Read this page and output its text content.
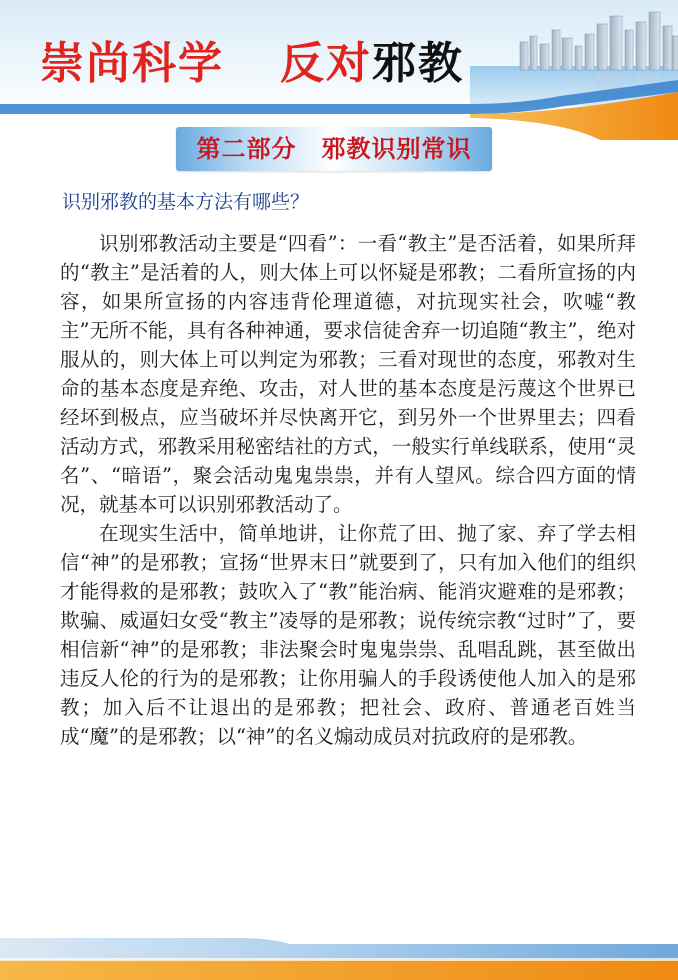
崇尚科学 反对邪教
第二部分　邪教识别常识
识别邪教的基本方法有哪些？

识别邪教活动主要是“四看”：一看“教主”是否活着，如果所拜的“教主”是活着的人，则大体上可以怀疑是邪教；二看所宣扬的内容，如果所宣扬的内容违背伦理道德，对抗现实社会，吹嘘“教主”无所不能，具有各种神通，要求信徒舍弃一切追随“教主”，绝对服从的，则大体上可以判定为邪教；三看对现世的态度，邪教对生命的基本态度是弃绝、攻击，对人世的基本态度是污蔑这个世界已经坏到极点，应当破坏并尽快离开它，到另外一个世界里去；四看活动方式，邪教采用秘密结社的方式，一般实行单线联系，使用“灵名”、“暗语”，聚会活动鬼鬼祟祟，并有人望风。综合四方面的情况，就基本可以识别邪教活动了。

在现实生活中，简单地讲，让你荒了田、抛了家、弃了学去相信“神”的是邪教；宣扬“世界末日”就要到了，只有加入他们的组织才能得救的是邪教；鼓吹入了“教”能治病、能消灾避难的是邪教；欺骗、威逼妇女受“教主”凌辱的是邪教；说传统宗教“过时”了，要相信新“神”的是邪教；非法聚会时鬼鬼祟祟、乱唱乱跳，甚至做出违反人伦的行为的是邪教；让你用骗人的手段诱使他人加入的是邪教；加入后不让退出的是邪教；把社会、政府、普通老百姓当成“魔”的是邪教；以“神”的名义煽动成员对抗政府的是邪教。
